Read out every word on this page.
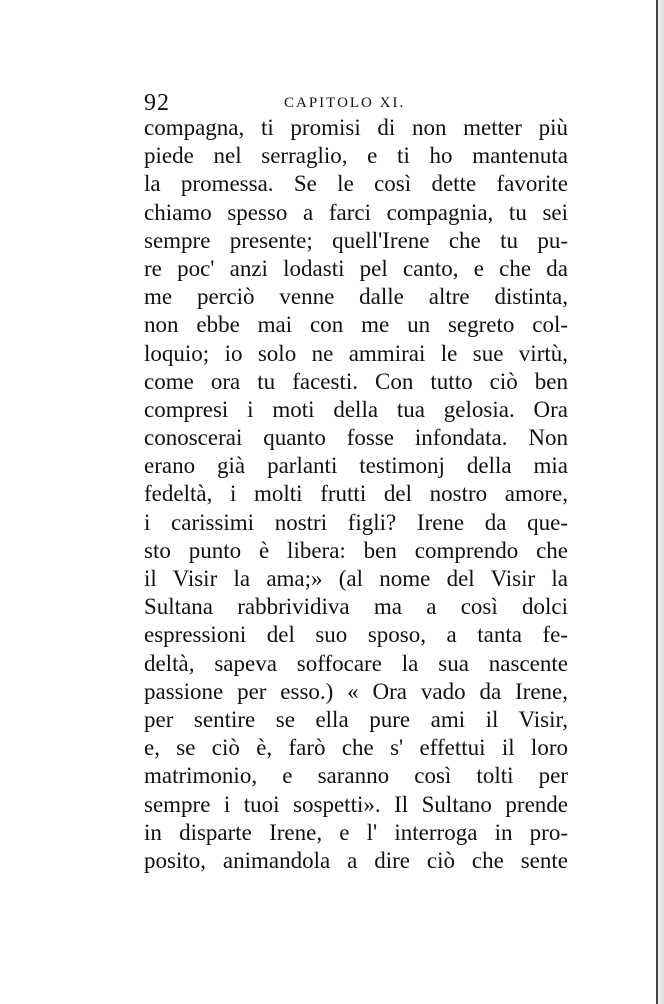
92	CAPITOLO XI.
compagna, ti promisi di non metter più
piede nel serraglio, e ti ho mantenuta
la promessa. Se le così dette favorite
chiamo spesso a farci compagnia, tu sei
sempre presente; quell'Irene che tu pu-
re poc' anzi lodasti pel canto, e che da
me perciò venne dalle altre distinta,
non ebbe mai con me un segreto col-
loquio; io solo ne ammirai le sue virtù,
come ora tu facesti. Con tutto ciò ben
compresi i moti della tua gelosia. Ora
conoscerai quanto fosse infondata. Non
erano già parlanti testimonj della mia
fedeltà, i molti frutti del nostro amore,
i carissimi nostri figli? Irene da que-
sto punto è libera: ben comprendo che
il Visir la ama;» (al nome del Visir la
Sultana rabbrividiva ma a così dolci
espressioni del suo sposo, a tanta fe-
deltà, sapeva soffocare la sua nascente
passione per esso.) « Ora vado da Irene,
per sentire se ella pure ami il Visir,
e, se ciò è, farò che s' effettui il loro
matrimonio, e saranno così tolti per
sempre i tuoi sospetti». Il Sultano prende
in disparte Irene, e l' interroga in pro-
posito, animandola a dire ciò che sente
